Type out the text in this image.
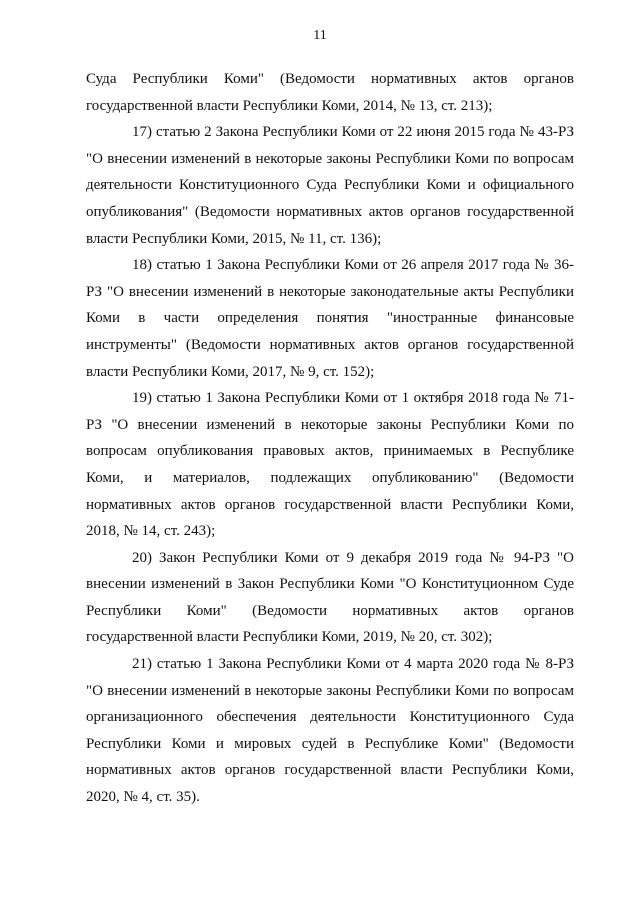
11

Суда Республики Коми" (Ведомости нормативных актов органов государственной власти Республики Коми, 2014, № 13, ст. 213);

17) статью 2 Закона Республики Коми от 22 июня 2015 года № 43-РЗ "О внесении изменений в некоторые законы Республики Коми по вопросам деятельности Конституционного Суда Республики Коми и официального опубликования" (Ведомости нормативных актов органов государственной власти Республики Коми, 2015, № 11, ст. 136);

18) статью 1 Закона Республики Коми от 26 апреля 2017 года № 36-РЗ "О внесении изменений в некоторые законодательные акты Республики Коми в части определения понятия "иностранные финансовые инструменты" (Ведомости нормативных актов органов государственной власти Республики Коми, 2017, № 9, ст. 152);

19) статью 1 Закона Республики Коми от 1 октября 2018 года № 71-РЗ "О внесении изменений в некоторые законы Республики Коми по вопросам опубликования правовых актов, принимаемых в Республике Коми, и материалов, подлежащих опубликованию" (Ведомости нормативных актов органов государственной власти Республики Коми, 2018, № 14, ст. 243);

20) Закон Республики Коми от 9 декабря 2019 года № 94-РЗ "О внесении изменений в Закон Республики Коми "О Конституционном Суде Республики Коми" (Ведомости нормативных актов органов государственной власти Республики Коми, 2019, № 20, ст. 302);

21) статью 1 Закона Республики Коми от 4 марта 2020 года № 8-РЗ "О внесении изменений в некоторые законы Республики Коми по вопросам организационного обеспечения деятельности Конституционного Суда Республики Коми и мировых судей в Республике Коми" (Ведомости нормативных актов органов государственной власти Республики Коми, 2020, № 4, ст. 35).
